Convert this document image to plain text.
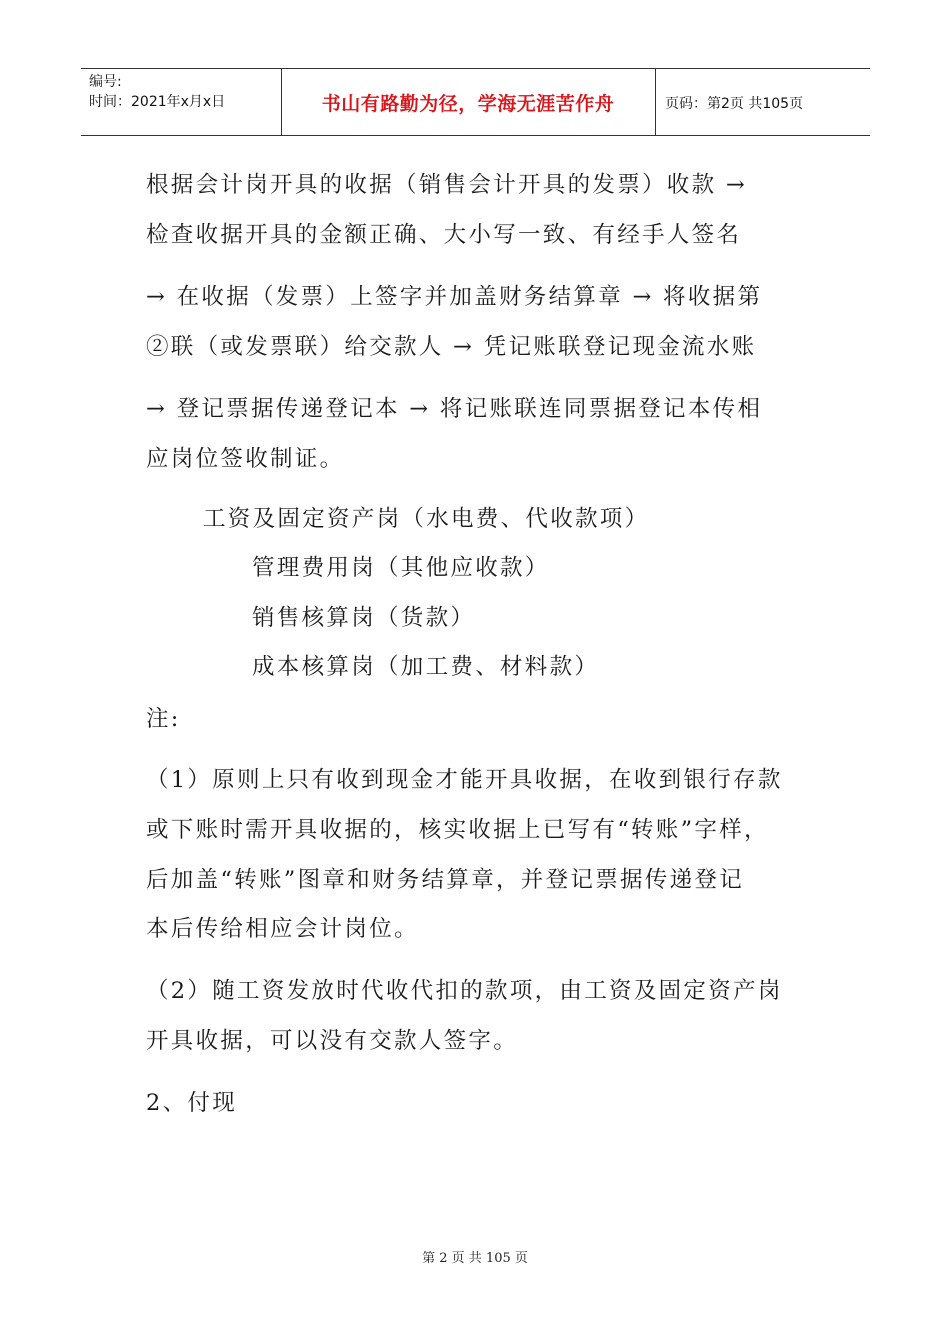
编号:
时间：2021年x月x日	书山有路勤为径，学海无涯苦作舟	页码：第2页 共105页
根据会计岗开具的收据（销售会计开具的发票）收款 →
检查收据开具的金额正确、大小写一致、有经手人签名
→ 在收据（发票）上签字并加盖财务结算章 → 将收据第
②联（或发票联）给交款人 → 凭记账联登记现金流水账
→ 登记票据传递登记本 → 将记账联连同票据登记本传相
应岗位签收制证。
工资及固定资产岗（水电费、代收款项）
管理费用岗（其他应收款）
销售核算岗（货款）
成本核算岗（加工费、材料款）
注:
（1）原则上只有收到现金才能开具收据，在收到银行存款
或下账时需开具收据的，核实收据上已写有“转账”字样，
后加盖“转账”图章和财务结算章，并登记票据传递登记
本后传给相应会计岗位。
（2）随工资发放时代收代扣的款项，由工资及固定资产岗
开具收据，可以没有交款人签字。
2、付现
第 2 页 共 105 页
